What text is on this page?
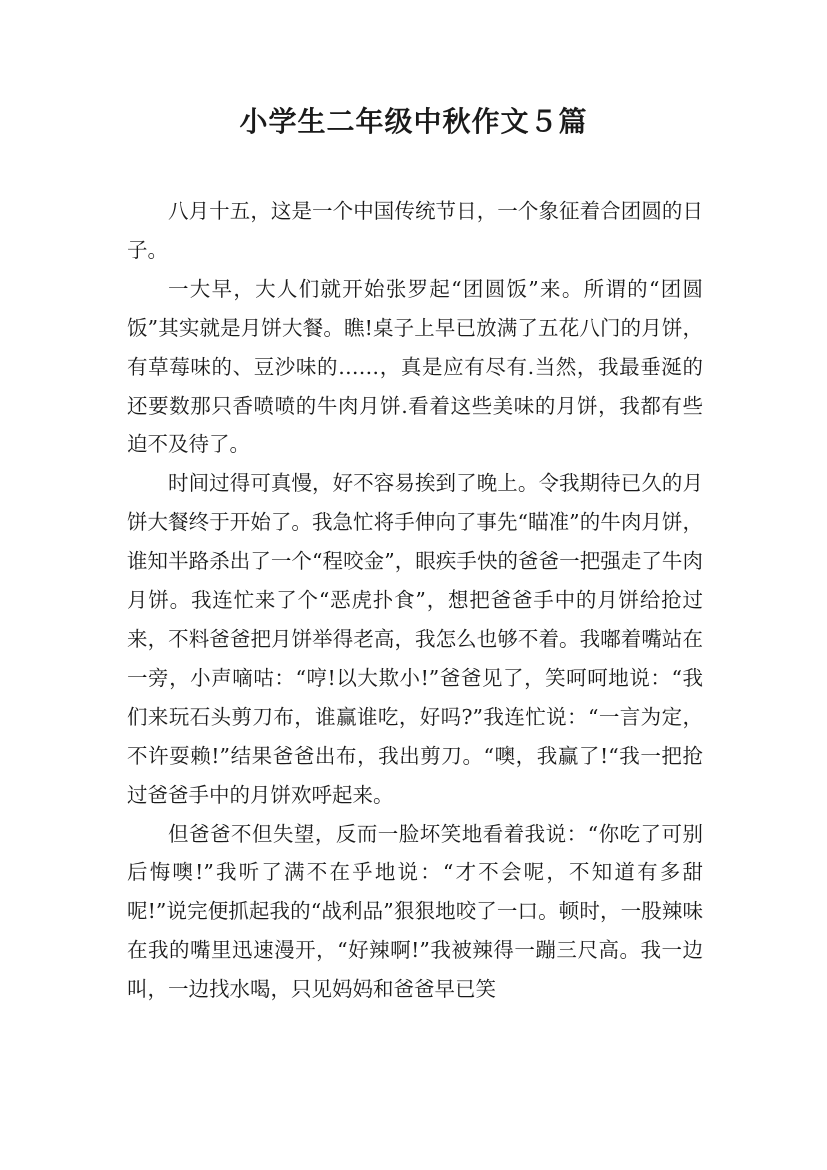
小学生二年级中秋作文５篇

八月十五，这是一个中国传统节日，一个象征着合团圆的日子。

一大早，大人们就开始张罗起“团圆饭”来。所谓的“团圆饭”其实就是月饼大餐。瞧!桌子上早已放满了五花八门的月饼，有草莓味的、豆沙味的……，真是应有尽有.当然，我最垂涎的还要数那只香喷喷的牛肉月饼.看着这些美味的月饼，我都有些迫不及待了。

时间过得可真慢，好不容易挨到了晚上。令我期待已久的月饼大餐终于开始了。我急忙将手伸向了事先“瞄准”的牛肉月饼，谁知半路杀出了一个“程咬金”，眼疾手快的爸爸一把强走了牛肉月饼。我连忙来了个“恶虎扑食”，想把爸爸手中的月饼给抢过来，不料爸爸把月饼举得老高，我怎么也够不着。我嘟着嘴站在一旁，小声嘀咕：“哼!以大欺小!”爸爸见了，笑呵呵地说：“我们来玩石头剪刀布，谁赢谁吃，好吗?”我连忙说：“一言为定，不许耍赖!”结果爸爸出布，我出剪刀。“噢，我赢了!“我一把抢过爸爸手中的月饼欢呼起来。

但爸爸不但失望，反而一脸坏笑地看着我说：“你吃了可别后悔噢!”我听了满不在乎地说：“才不会呢，不知道有多甜呢!”说完便抓起我的“战利品”狠狠地咬了一口。顿时，一股辣味在我的嘴里迅速漫开，“好辣啊!”我被辣得一蹦三尺高。我一边叫，一边找水喝，只见妈妈和爸爸早已笑
